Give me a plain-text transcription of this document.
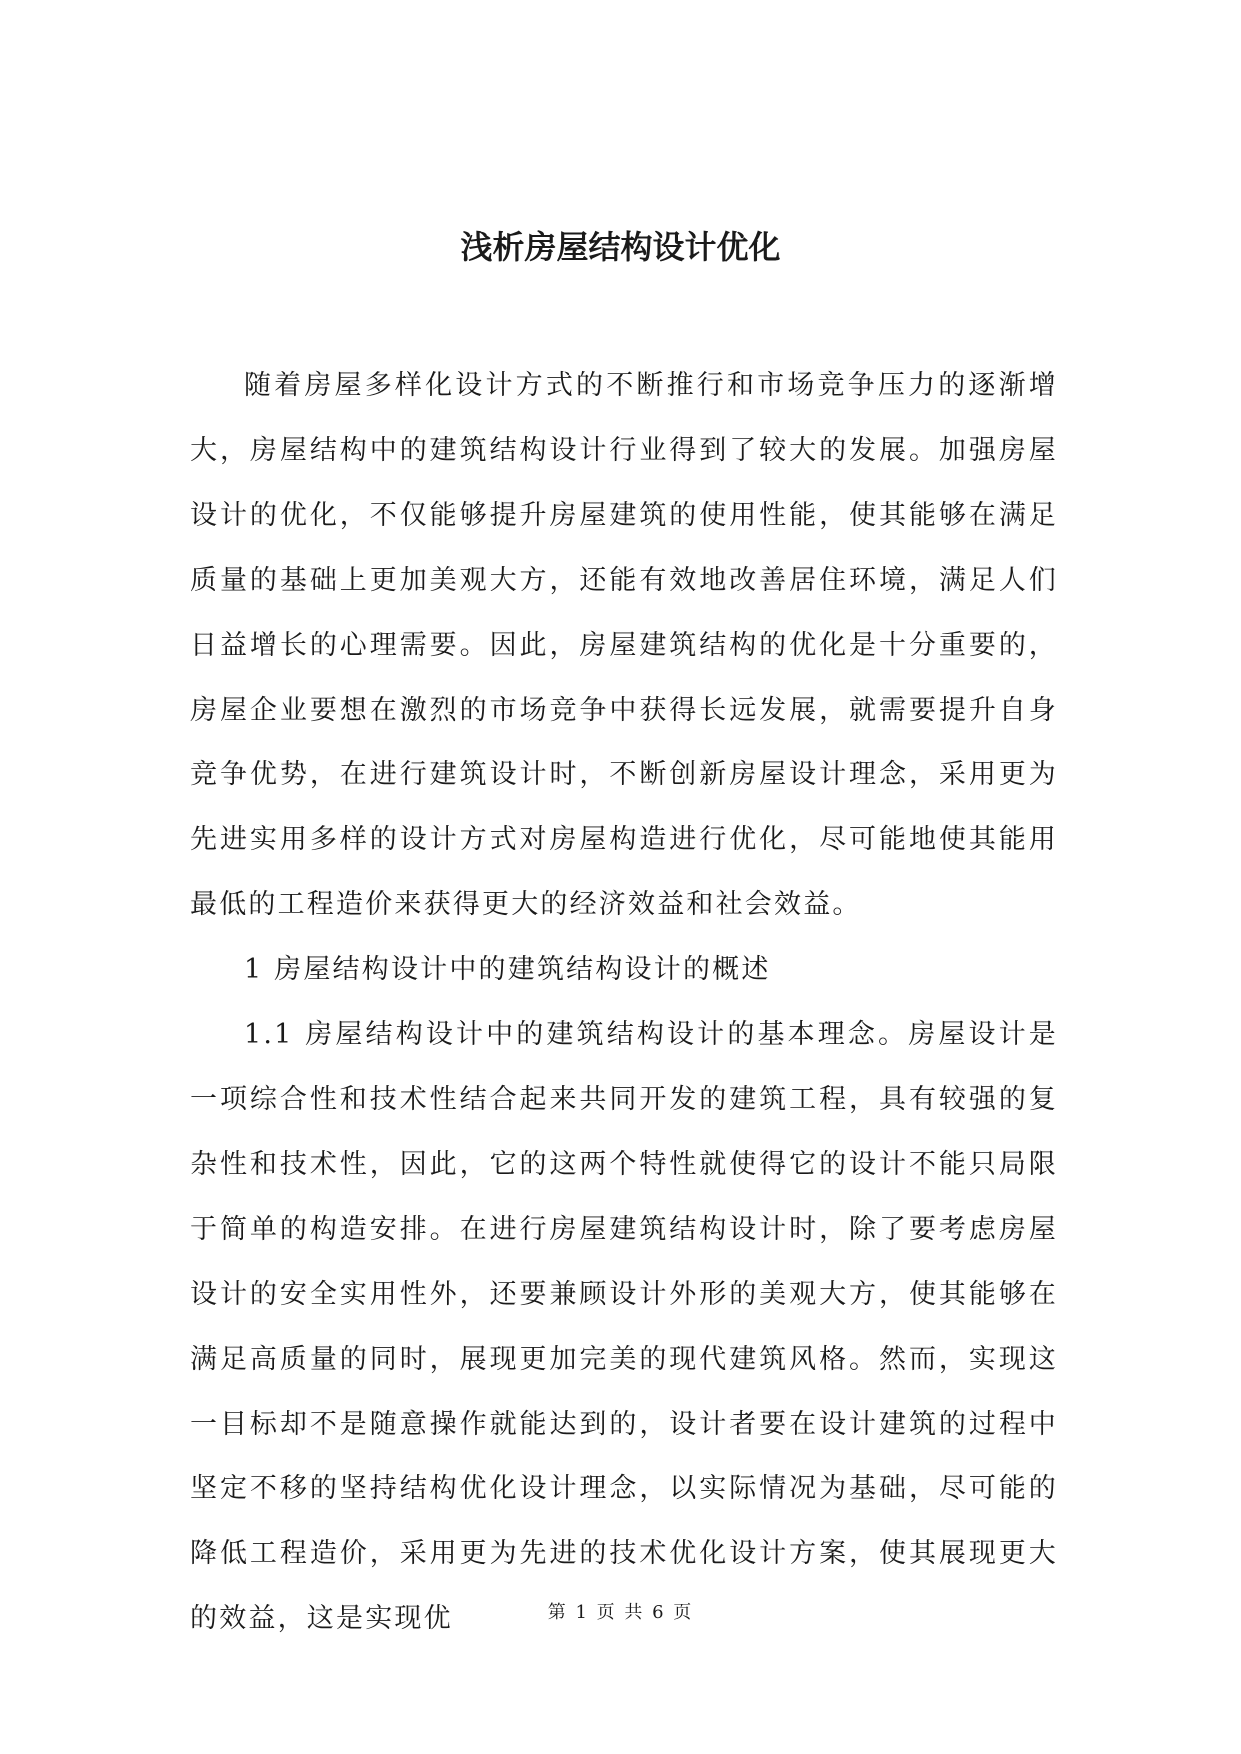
浅析房屋结构设计优化

随着房屋多样化设计方式的不断推行和市场竞争压力的逐渐增大，房屋结构中的建筑结构设计行业得到了较大的发展。加强房屋设计的优化，不仅能够提升房屋建筑的使用性能，使其能够在满足质量的基础上更加美观大方，还能有效地改善居住环境，满足人们日益增长的心理需要。因此，房屋建筑结构的优化是十分重要的，房屋企业要想在激烈的市场竞争中获得长远发展，就需要提升自身竞争优势，在进行建筑设计时，不断创新房屋设计理念，采用更为先进实用多样的设计方式对房屋构造进行优化，尽可能地使其能用最低的工程造价来获得更大的经济效益和社会效益。

1 房屋结构设计中的建筑结构设计的概述

1.1 房屋结构设计中的建筑结构设计的基本理念。房屋设计是一项综合性和技术性结合起来共同开发的建筑工程，具有较强的复杂性和技术性，因此，它的这两个特性就使得它的设计不能只局限于简单的构造安排。在进行房屋建筑结构设计时，除了要考虑房屋设计的安全实用性外，还要兼顾设计外形的美观大方，使其能够在满足高质量的同时，展现更加完美的现代建筑风格。然而，实现这一目标却不是随意操作就能达到的，设计者要在设计建筑的过程中坚定不移的坚持结构优化设计理念，以实际情况为基础，尽可能的降低工程造价，采用更为先进的技术优化设计方案，使其展现更大的效益，这是实现优	第 1 页 共 6 页
